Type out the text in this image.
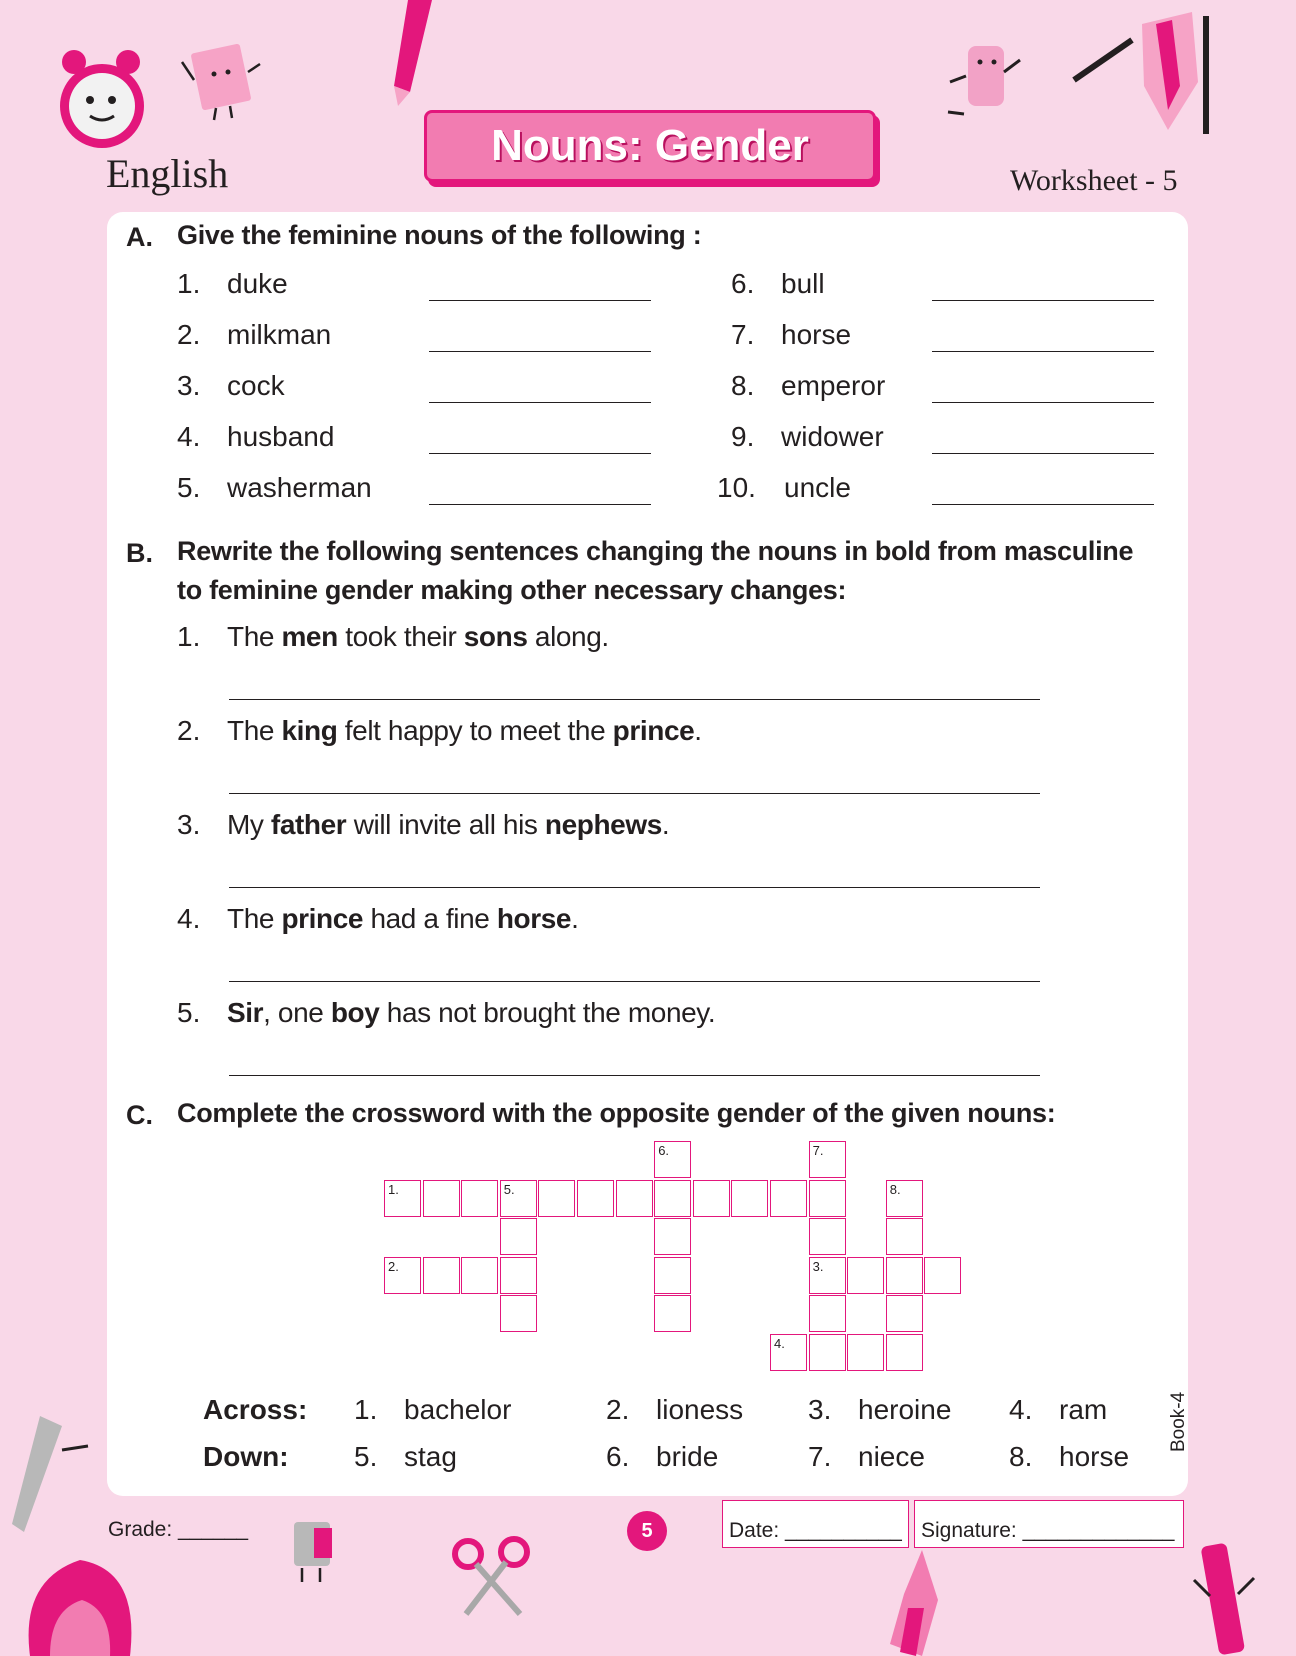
Nouns: Gender
English	Worksheet - 5
A. Give the feminine nouns of the following :
1. duke
2. milkman
3. cock
4. husband
5. washerman
6. bull
7. horse
8. emperor
9. widower
10. uncle
B. Rewrite the following sentences changing the nouns in bold from masculine
to feminine gender making other necessary changes:
1. The men took their sons along.
2. The king felt happy to meet the prince.
3. My father will invite all his nephews.
4. The prince had a fine horse.
5. Sir, one boy has not brought the money.
C. Complete the crossword with the opposite gender of the given nouns:
1.
2.	3.
4.
5.
6.	7.
8.
Across:
Down:
1. bachelor	2. lioness 3. heroine 4. ram
5. stag	6. bride	7. niece	8. horse
Grade: ______	5	Date: __________ Signature: _____________
Book-4
